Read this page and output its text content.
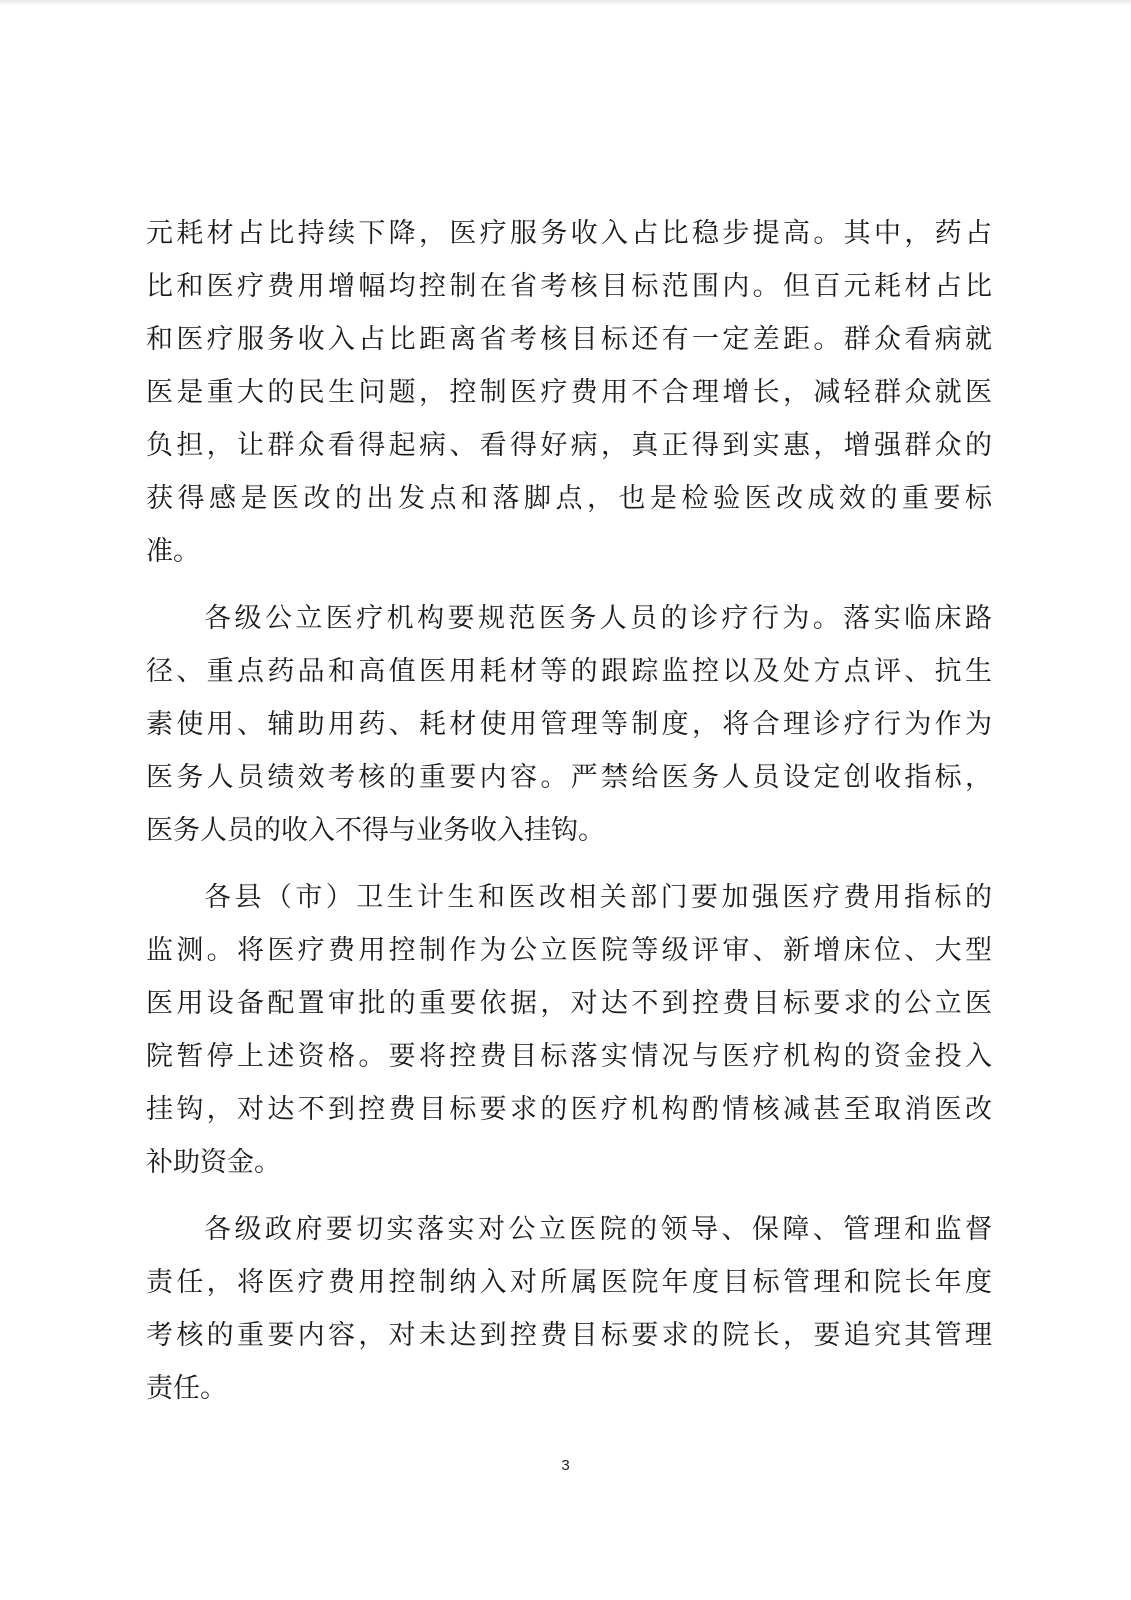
元耗材占比持续下降，医疗服务收入占比稳步提高。其中，药占
比和医疗费用增幅均控制在省考核目标范围内。但百元耗材占比
和医疗服务收入占比距离省考核目标还有一定差距。群众看病就
医是重大的民生问题，控制医疗费用不合理增长，减轻群众就医
负担，让群众看得起病、看得好病，真正得到实惠，增强群众的
获得感是医改的出发点和落脚点，也是检验医改成效的重要标
准。
各级公立医疗机构要规范医务人员的诊疗行为。落实临床路
径、重点药品和高值医用耗材等的跟踪监控以及处方点评、抗生
素使用、辅助用药、耗材使用管理等制度，将合理诊疗行为作为
医务人员绩效考核的重要内容。严禁给医务人员设定创收指标，
医务人员的收入不得与业务收入挂钩。
各县（市）卫生计生和医改相关部门要加强医疗费用指标的
监测。将医疗费用控制作为公立医院等级评审、新增床位、大型
医用设备配置审批的重要依据，对达不到控费目标要求的公立医
院暂停上述资格。要将控费目标落实情况与医疗机构的资金投入
挂钩，对达不到控费目标要求的医疗机构酌情核减甚至取消医改
补助资金。
各级政府要切实落实对公立医院的领导、保障、管理和监督
责任，将医疗费用控制纳入对所属医院年度目标管理和院长年度
考核的重要内容，对未达到控费目标要求的院长，要追究其管理
责任。
3
